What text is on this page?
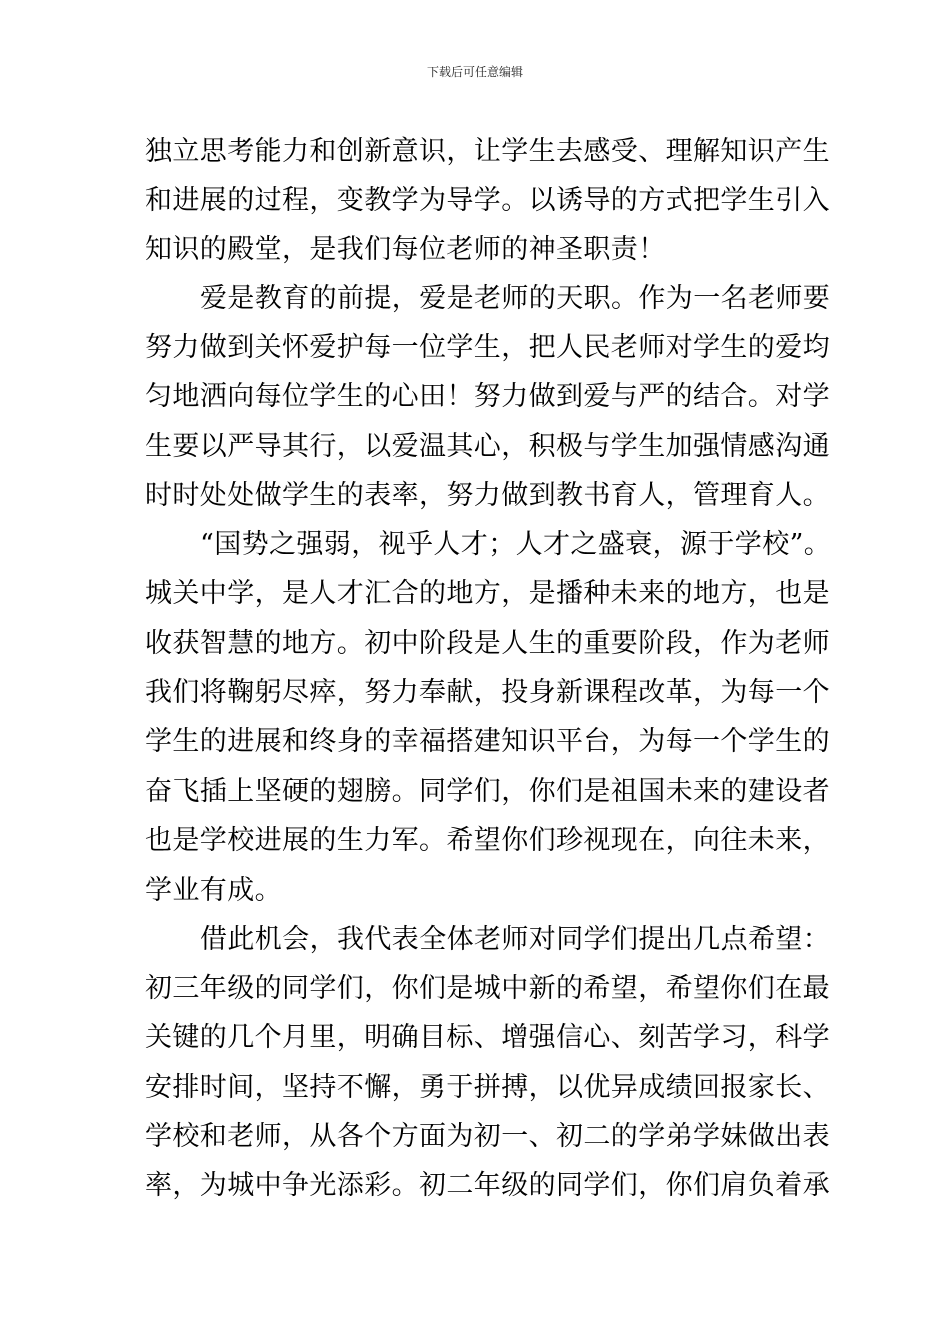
下载后可任意编辑
独立思考能力和创新意识，让学生去感受、理解知识产生
和进展的过程，变教学为导学。以诱导的方式把学生引入
知识的殿堂，是我们每位老师的神圣职责！
爱是教育的前提，爱是老师的天职。作为一名老师要
努力做到关怀爱护每一位学生，把人民老师对学生的爱均
匀地洒向每位学生的心田！努力做到爱与严的结合。对学
生要以严导其行，以爱温其心，积极与学生加强情感沟通
时时处处做学生的表率，努力做到教书育人，管理育人。
“国势之强弱，视乎人才；人才之盛衰，源于学校”。
城关中学，是人才汇合的地方，是播种未来的地方，也是
收获智慧的地方。初中阶段是人生的重要阶段，作为老师
我们将鞠躬尽瘁，努力奉献，投身新课程改革，为每一个
学生的进展和终身的幸福搭建知识平台，为每一个学生的
奋飞插上坚硬的翅膀。同学们，你们是祖国未来的建设者
也是学校进展的生力军。希望你们珍视现在，向往未来，
学业有成。
借此机会，我代表全体老师对同学们提出几点希望：
初三年级的同学们，你们是城中新的希望，希望你们在最
关键的几个月里，明确目标、增强信心、刻苦学习，科学
安排时间，坚持不懈，勇于拼搏，以优异成绩回报家长、
学校和老师，从各个方面为初一、初二的学弟学妹做出表
率，为城中争光添彩。初二年级的同学们，你们肩负着承
